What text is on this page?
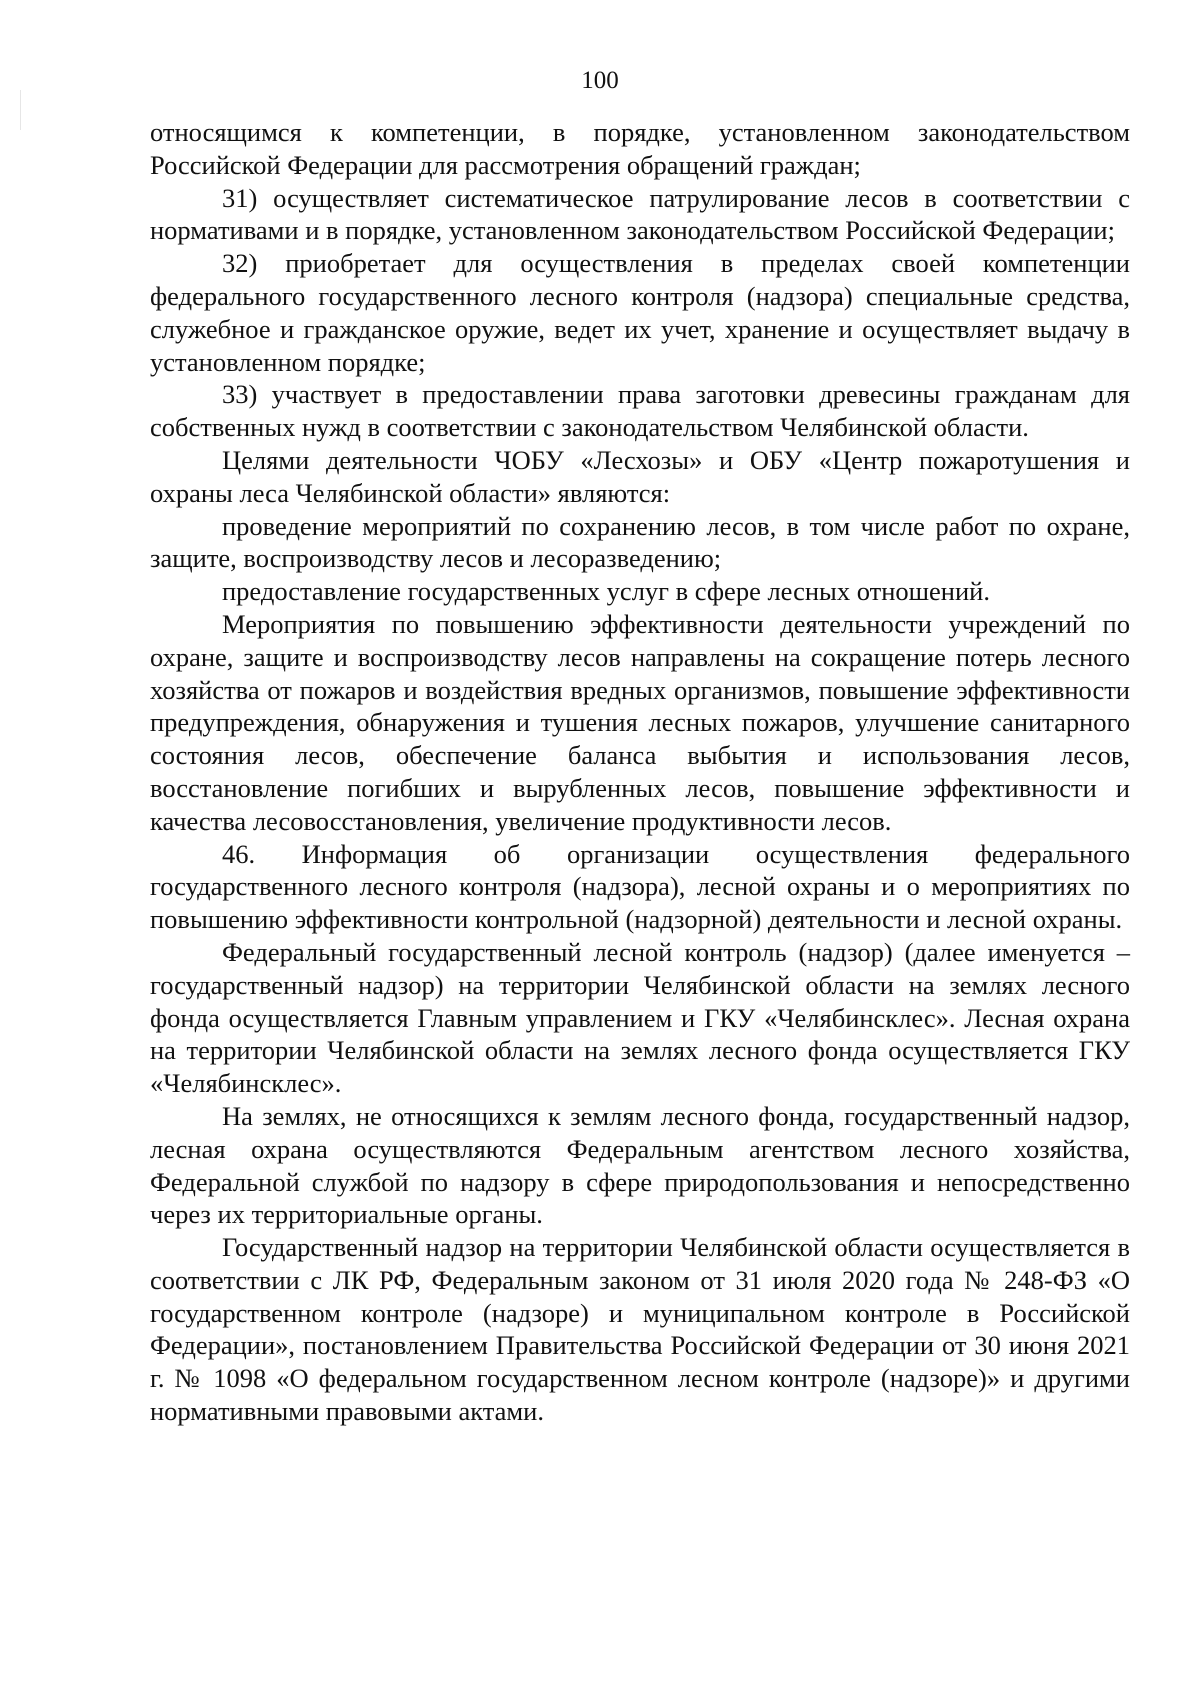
100

относящимся к компетенции, в порядке, установленном законодательством Российской Федерации для рассмотрения обращений граждан;

31) осуществляет систематическое патрулирование лесов в соответствии с нормативами и в порядке, установленном законодательством Российской Федерации;

32) приобретает для осуществления в пределах своей компетенции федерального государственного лесного контроля (надзора) специальные средства, служебное и гражданское оружие, ведет их учет, хранение и осуществляет выдачу в установленном порядке;

33) участвует в предоставлении права заготовки древесины гражданам для собственных нужд в соответствии с законодательством Челябинской области.

Целями деятельности ЧОБУ «Лесхозы» и ОБУ «Центр пожаротушения и охраны леса Челябинской области» являются:

проведение мероприятий по сохранению лесов, в том числе работ по охране, защите, воспроизводству лесов и лесоразведению;

предоставление государственных услуг в сфере лесных отношений.

Мероприятия по повышению эффективности деятельности учреждений по охране, защите и воспроизводству лесов направлены на сокращение потерь лесного хозяйства от пожаров и воздействия вредных организмов, повышение эффективности предупреждения, обнаружения и тушения лесных пожаров, улучшение санитарного состояния лесов, обеспечение баланса выбытия и использования лесов, восстановление погибших и вырубленных лесов, повышение эффективности и качества лесовосстановления, увеличение продуктивности лесов.

46. Информация об организации осуществления федерального государственного лесного контроля (надзора), лесной охраны и о мероприятиях по повышению эффективности контрольной (надзорной) деятельности и лесной охраны.

Федеральный государственный лесной контроль (надзор) (далее именуется – государственный надзор) на территории Челябинской области на землях лесного фонда осуществляется Главным управлением и ГКУ «Челябинсклес». Лесная охрана на территории Челябинской области на землях лесного фонда осуществляется ГКУ «Челябинсклес».

На землях, не относящихся к землям лесного фонда, государственный надзор, лесная охрана осуществляются Федеральным агентством лесного хозяйства, Федеральной службой по надзору в сфере природопользования и непосредственно через их территориальные органы.

Государственный надзор на территории Челябинской области осуществляется в соответствии с ЛК РФ, Федеральным законом от 31 июля 2020 года № 248-ФЗ «О государственном контроле (надзоре) и муниципальном контроле в Российской Федерации», постановлением Правительства Российской Федерации от 30 июня 2021 г. № 1098 «О федеральном государственном лесном контроле (надзоре)» и другими нормативными правовыми актами.
